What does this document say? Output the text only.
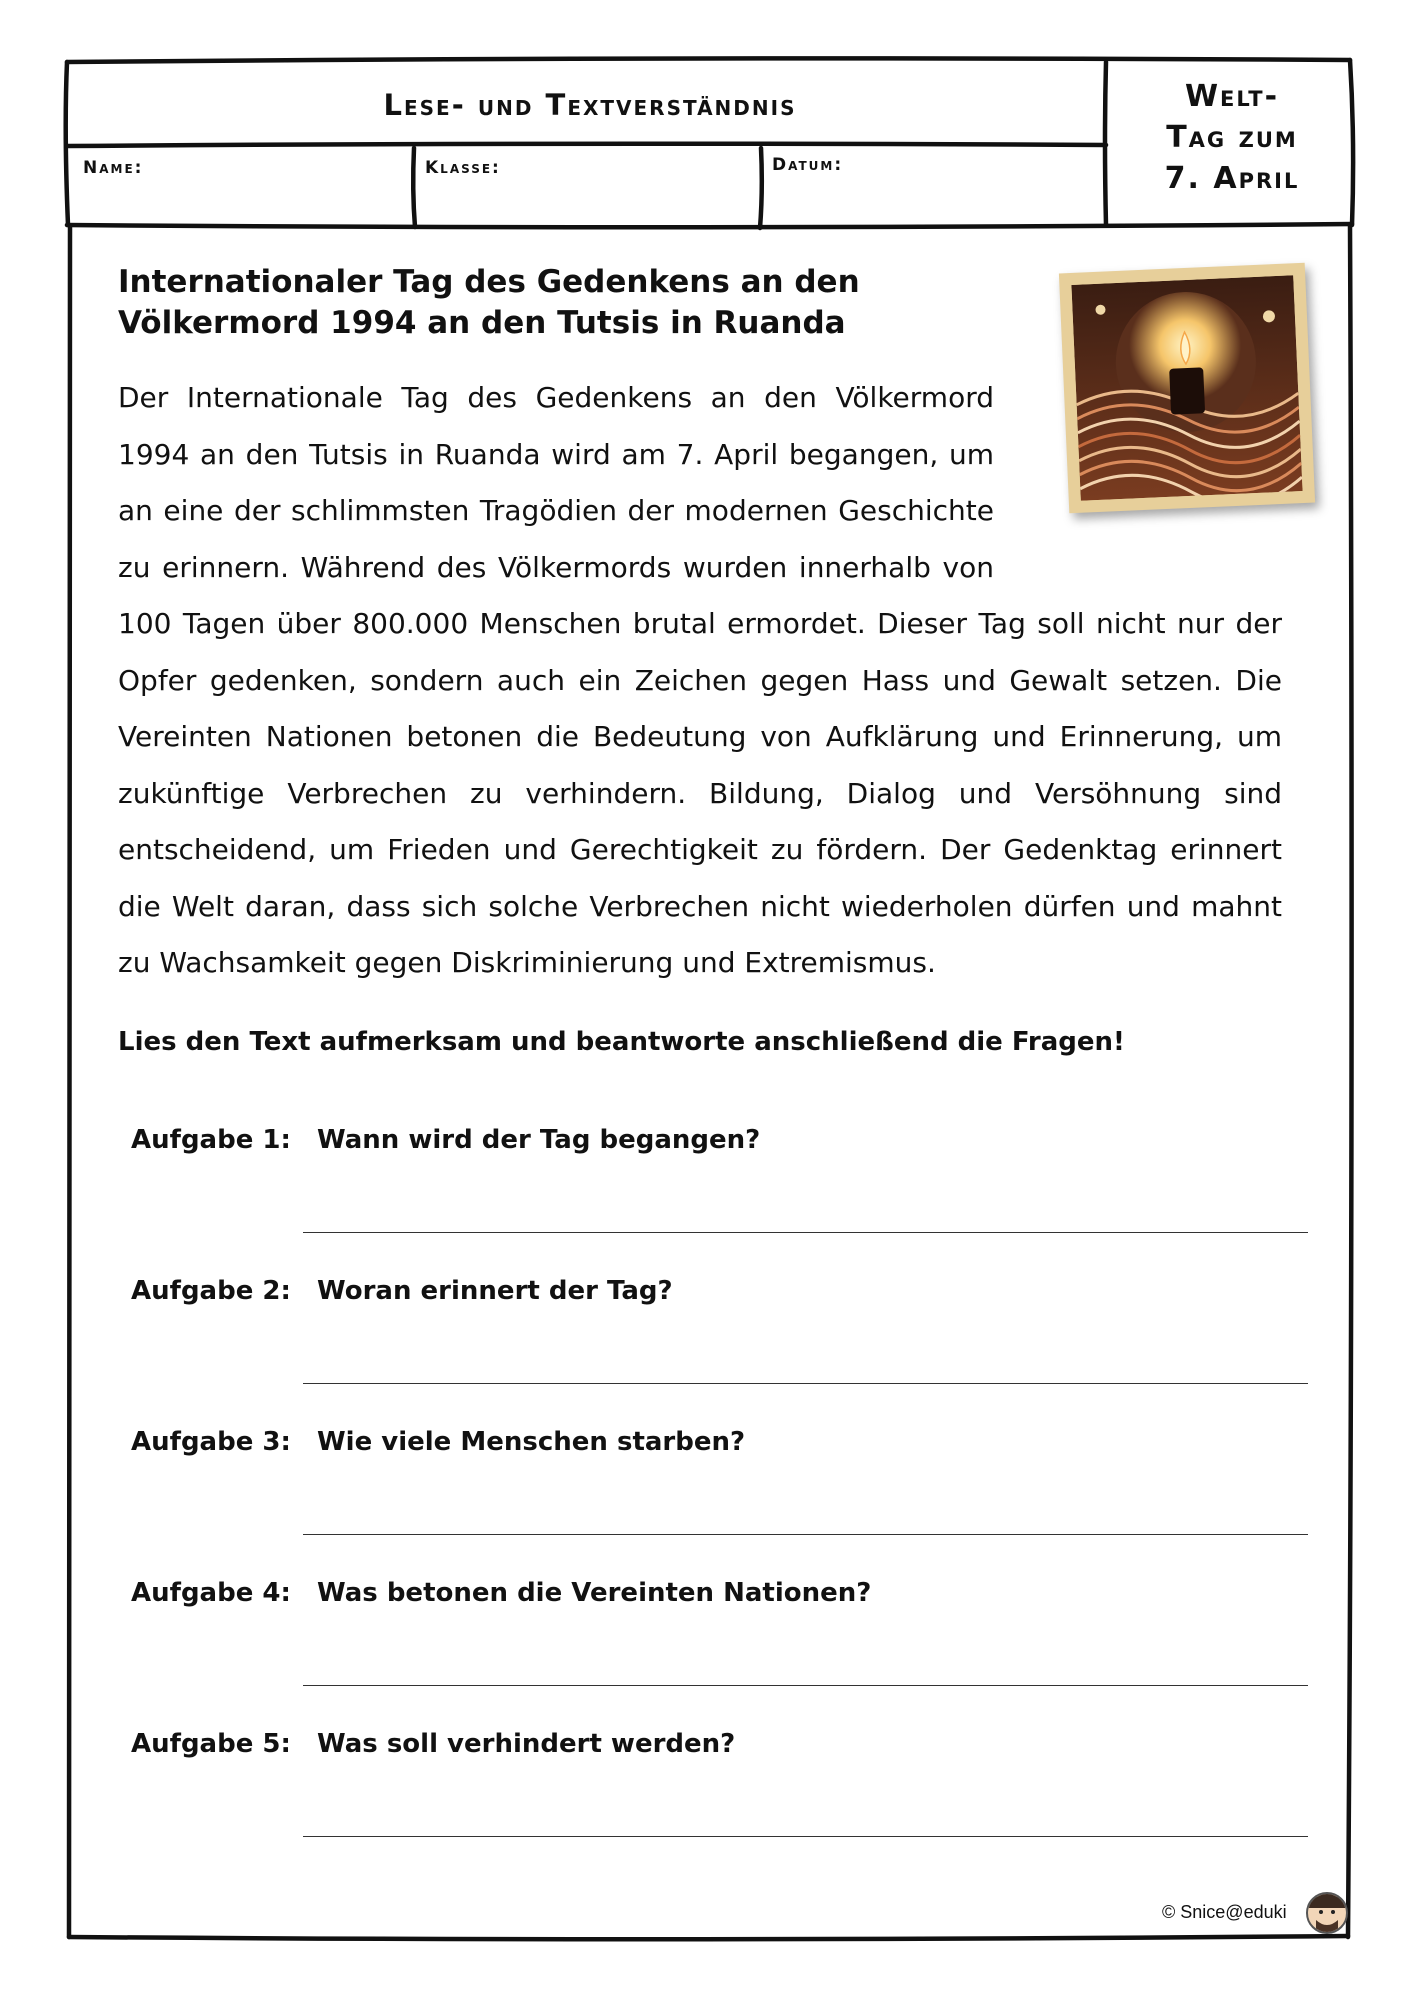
Lese- und Textverständnis	Welt-
Tag zum
7. April
Name:	Klasse:	Datum:
Internationaler Tag des Gedenkens an den
Völkermord 1994 an den Tutsis in Ruanda

Der Internationale Tag des Gedenkens an den Völkermord 1994 an den Tutsis in Ruanda wird am 7. April begangen, um an eine der schlimmsten Tragödien der modernen Geschichte zu erinnern. Während des Völkermords wurden innerhalb von 100 Tagen über 800.000 Menschen brutal ermordet. Dieser Tag soll nicht nur der Opfer gedenken, sondern auch ein Zeichen gegen Hass und Gewalt setzen. Die Vereinten Nationen betonen die Bedeutung von Aufklärung und Erinnerung, um zukünftige Verbrechen zu verhindern. Bildung, Dialog und Versöhnung sind entscheidend, um Frieden und Gerechtigkeit zu fördern. Der Gedenktag erinnert die Welt daran, dass sich solche Verbrechen nicht wiederholen dürfen und mahnt zu Wachsamkeit gegen Diskriminierung und Extremismus.

Lies den Text aufmerksam und beantworte anschließend die Fragen!

Aufgabe 1: Wann wird der Tag begangen?
Aufgabe 2: Woran erinnert der Tag?
Aufgabe 3: Wie viele Menschen starben?
Aufgabe 4: Was betonen die Vereinten Nationen?
Aufgabe 5: Was soll verhindert werden?
© Snice@eduki
